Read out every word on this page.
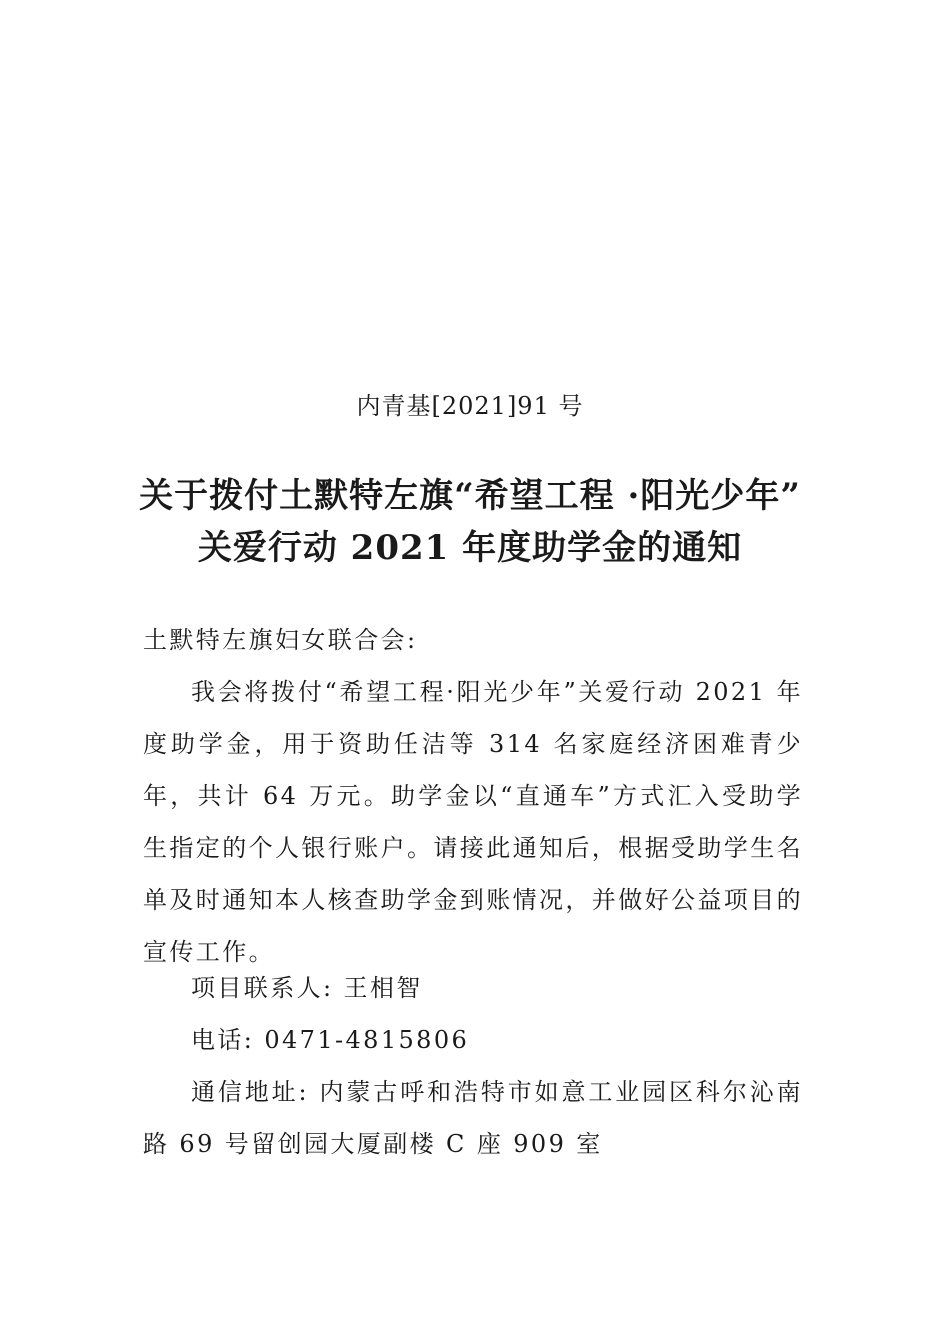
内青基[2021]91 号
关于拨付土默特左旗“希望工程 ·阳光少年”
关爱行动 2021 年度助学金的通知
土默特左旗妇女联合会:
我会将拨付“希望工程·阳光少年”关爱行动 2021 年度助学金，用于资助任洁等 314 名家庭经济困难青少年，共计 64 万元。助学金以“直通车”方式汇入受助学生指定的个人银行账户。请接此通知后，根据受助学生名单及时通知本人核查助学金到账情况，并做好公益项目的宣传工作。
项目联系人: 王相智
电话: 0471-4815806
通信地址: 内蒙古呼和浩特市如意工业园区科尔沁南路 69 号留创园大厦副楼 C 座 909 室
